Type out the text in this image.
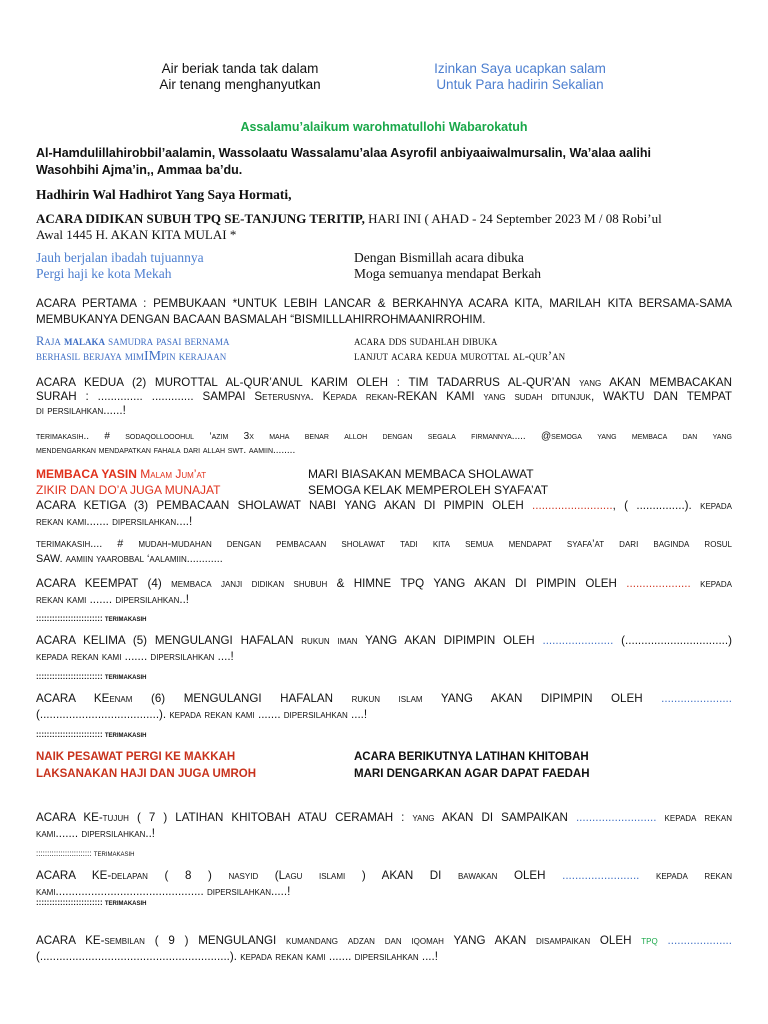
Air beriak tanda tak dalam

Air tenang menghanyutkan

Izinkan Saya ucapkan salam

Untuk Para hadirin Sekalian

Assalamu’alaikum warohmatullohi Wabarokatuh

Al-Hamdulillahirobbil’aalamin, Wassolaatu Wassalamu’alaa Asyrofil anbiyaaiwalmursalin, Wa’alaa aalihi

Wasohbihi Ajma’in,, Ammaa ba’du.

Hadhirin Wal Hadhirot Yang Saya Hormati,

ACARA DIDIKAN SUBUH TPQ SE-TANJUNG TERITIP, HARI INI ( AHAD - 24 September 2023 M / 08 Robi’ul

Awal 1445 H. AKAN KITA MULAI *

Jauh berjalan ibadah tujuannya

Pergi haji ke kota Mekah

Dengan Bismillah acara dibuka

Moga semuanya mendapat Berkah

ACARA PERTAMA : PEMBUKAAN *UNTUK LEBIH LANCAR & BERKAHNYA ACARA KITA, MARILAH KITA BERSAMA-SAMA

MEMBUKANYA DENGAN BACAAN BASMALAH “BISMILLLAHIRROHMAANIRROHIM.

Raja malaka samudra pasai bernama

berhasil berjaya mimIMpin kerajaan

acara dds sudahlah dibuka

lanjut acara kedua murottal al-qur’an

ACARA KEDUA (2) MUROTTAL AL-QUR’ANUL KARIM OLEH : TIM TADARRUS AL-QUR’AN yang AKAN MEMBACAKAN

SURAH : .............. ............. SAMPAI Seterusnya. Kepada rekan-REKAN KAMI yang sudah ditunjuk, WAKTU DAN TEMPAT

di persilahkan......!

terimakasih.. # sodaqollooohul ‘azim 3x maha benar alloh dengan segala firmannya..... @semoga yang membaca dan yang

mendengarkan mendapatkan fahala dari allah swt. aamiin........

MEMBACA YASIN Malam Jum’at

ZIKIR DAN DO’A JUGA MUNAJAT

MARI BIASAKAN MEMBACA SHOLAWAT

SEMOGA KELAK MEMPEROLEH SYAFA’AT

ACARA KETIGA (3) PEMBACAAN SHOLAWAT NABI YANG AKAN DI PIMPIN OLEH ........................., ( ...............). kepada

rekan kami....... dipersilahkan....!

terimakasih.... # mudah-mudahan dengan pembacaan sholawat tadi kita semua mendapat syafa’at dari baginda rosul

SAW. aamiin yaarobbal ‘aalamiin............

ACARA KEEMPAT (4) membaca janji didikan shubuh & HIMNE TPQ YANG AKAN DI PIMPIN OLEH .................... kepada

rekan kami ....... dipersilahkan..!

::::::::::::::::::::::::: terimakasih

ACARA KELIMA (5) MENGULANGI HAFALAN rukun iman YANG AKAN DIPIMPIN OLEH ...................... (................................)

kepada rekan kami ....... dipersilahkan ....!

::::::::::::::::::::::::: terimakasih

ACARA KEenam (6) MENGULANGI HAFALAN rukun islam YANG AKAN DIPIMPIN OLEH ......................

(.....................................). kepada rekan kami ....... dipersilahkan ....!

::::::::::::::::::::::::: terimakasih

NAIK PESAWAT PERGI KE MAKKAH

LAKSANAKAN HAJI DAN JUGA UMROH

ACARA BERIKUTNYA LATIHAN KHITOBAH

MARI DENGARKAN AGAR DAPAT FAEDAH

ACARA KE-tujuh ( 7 ) LATIHAN KHITOBAH ATAU CERAMAH : yang AKAN DI SAMPAIKAN ......................... kepada rekan

kami....... dipersilahkan..!

::::::::::::::::::::::::: terimakasih

ACARA KE-delapan ( 8 ) nasyid (Lagu islami ) AKAN DI bawakan OLEH ........................ kepada rekan

kami.............................................. dipersilahkan.....!

::::::::::::::::::::::::: terimakasih

ACARA KE-sembilan ( 9 ) MENGULANGI kumandang adzan dan iqomah YANG AKAN disampaikan OLEH tpq ....................

(...........................................................). kepada rekan kami ....... dipersilahkan ....!
